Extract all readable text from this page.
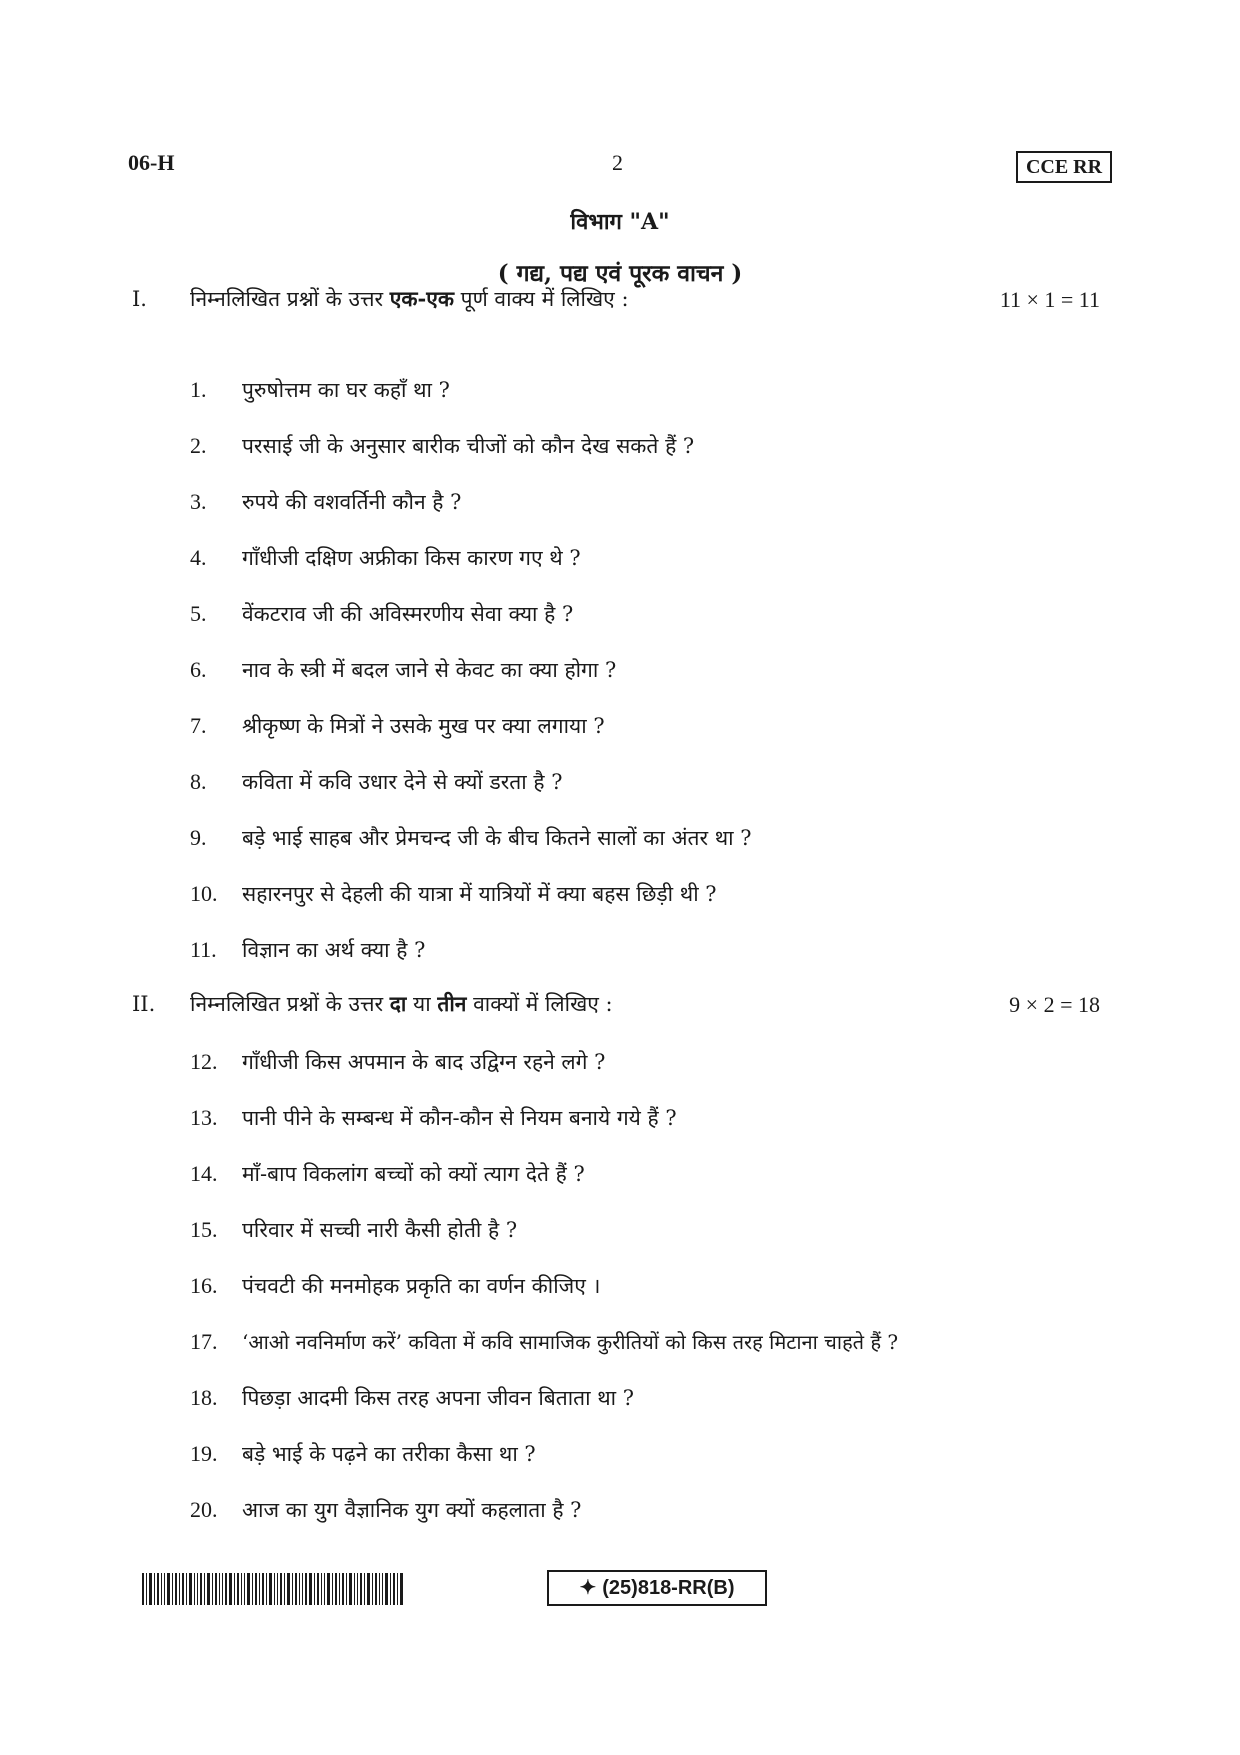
06-H	2	CCE RR
विभाग "A"
( गद्य, पद्य एवं पूरक वाचन )
I. निम्नलिखित प्रश्नों के उत्तर एक-एक पूर्ण वाक्य में लिखिए :	11 × 1 = 11
1. पुरुषोत्तम का घर कहाँ था ?
2. परसाई जी के अनुसार बारीक चीजों को कौन देख सकते हैं ?
3. रुपये की वशवर्तिनी कौन है ?
4. गाँधीजी दक्षिण अफ्रीका किस कारण गए थे ?
5. वेंकटराव जी की अविस्मरणीय सेवा क्या है ?
6. नाव के स्त्री में बदल जाने से केवट का क्या होगा ?
7. श्रीकृष्ण के मित्रों ने उसके मुख पर क्या लगाया ?
8. कविता में कवि उधार देने से क्यों डरता है ?
9. बड़े भाई साहब और प्रेमचन्द जी के बीच कितने सालों का अंतर था ?
10. सहारनपुर से देहली की यात्रा में यात्रियों में क्या बहस छिड़ी थी ?
11. विज्ञान का अर्थ क्या है ?
II. निम्नलिखित प्रश्नों के उत्तर दा या तीन वाक्यों में लिखिए :	9 × 2 = 18
12. गाँधीजी किस अपमान के बाद उद्विग्न रहने लगे ?
13. पानी पीने के सम्बन्ध में कौन-कौन से नियम बनाये गये हैं ?
14. माँ-बाप विकलांग बच्चों को क्यों त्याग देते हैं ?
15. परिवार में सच्ची नारी कैसी होती है ?
16. पंचवटी की मनमोहक प्रकृति का वर्णन कीजिए ।
17. ‘आओ नवनिर्माण करें’ कविता में कवि सामाजिक कुरीतियों को किस तरह मिटाना चाहते हैं ?
18. पिछड़ा आदमी किस तरह अपना जीवन बिताता था ?
19. बड़े भाई के पढ़ने का तरीका कैसा था ?
20. आज का युग वैज्ञानिक युग क्यों कहलाता है ?
✦ (25)818-RR(B)
